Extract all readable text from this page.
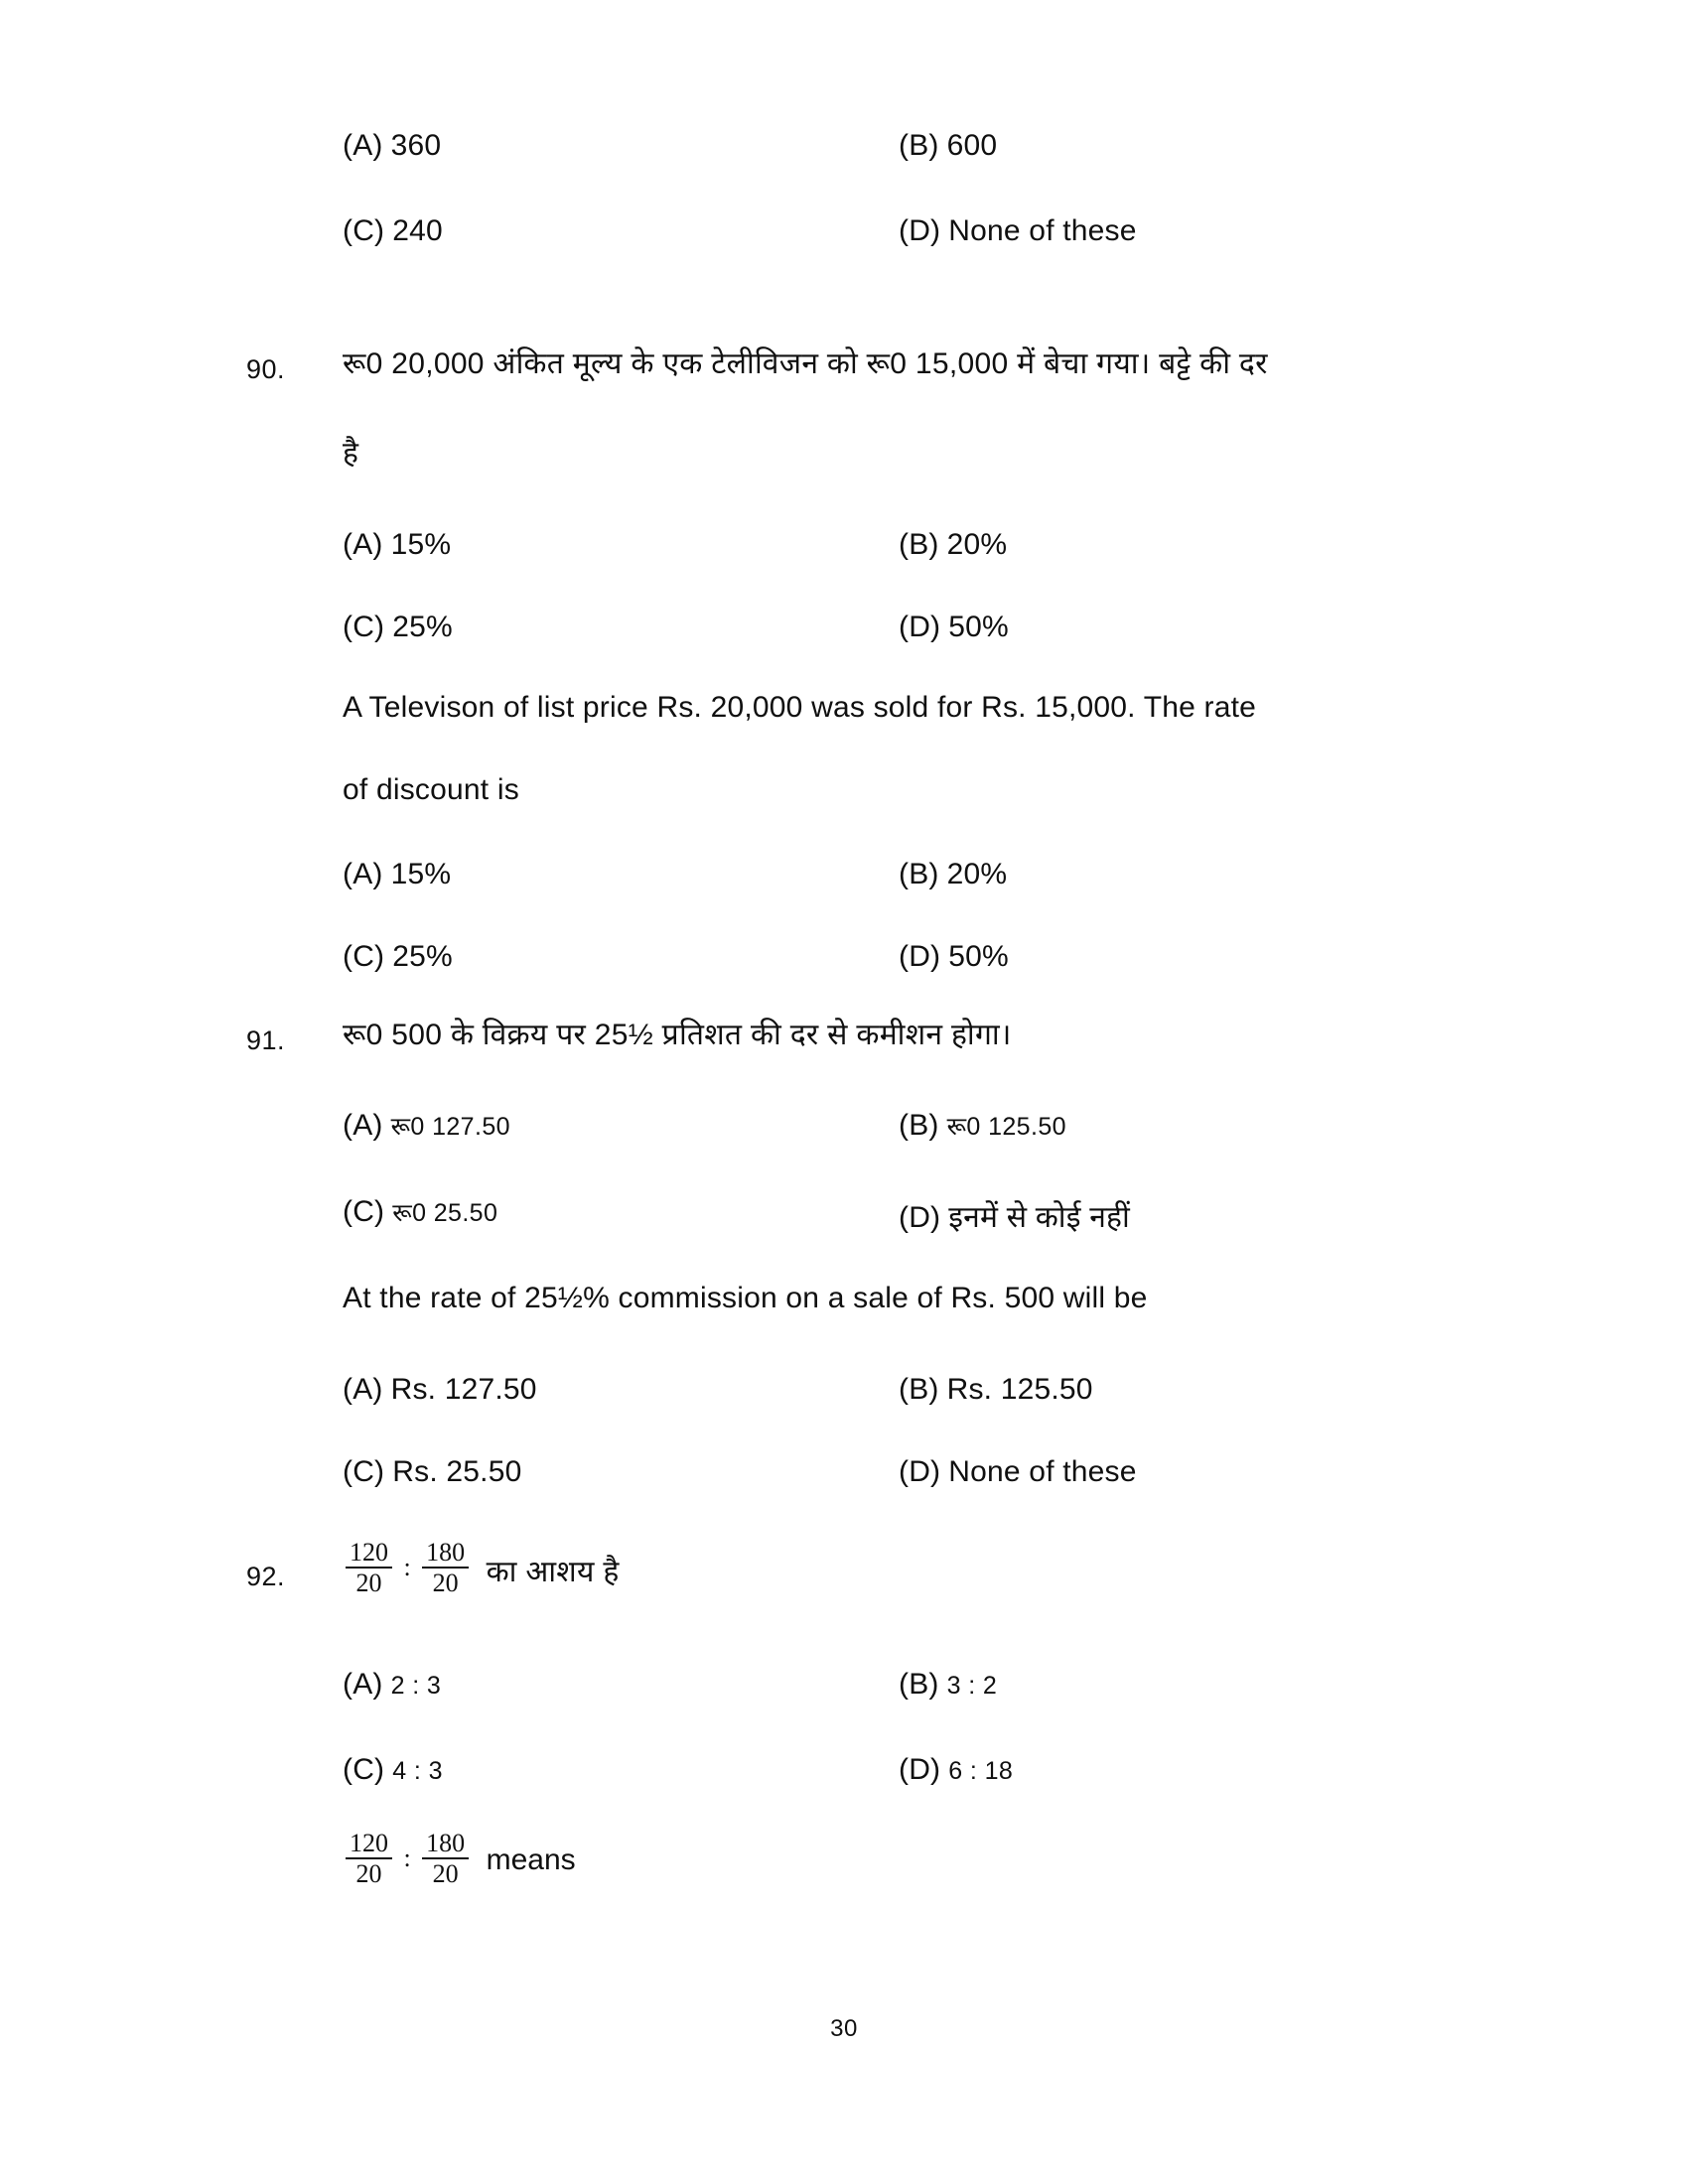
(A) 360	(B) 600
(C) 240	(D) None of these
90.	रू0 20,000 अंकित मूल्य के एक टेलीविजन को रू0 15,000 में बेचा गया। बट्टे की दर
है
(A) 15%	(B) 20%
(C) 25%	(D) 50%
A Televison of list price Rs. 20,000 was sold for Rs. 15,000. The rate
of discount is
(A) 15%	(B) 20%
(C) 25%	(D) 50%
91.	रू0 500 के विक्रय पर 25½ प्रतिशत की दर से कमीशन होगा।
(A) रू0 127.50	(B) रू0 125.50
(C) रू0 25.50	(D) इनमें से कोई नहीं
At the rate of 25½% commission on a sale of Rs. 500 will be
(A) Rs. 127.50	(B) Rs. 125.50
(C) Rs. 25.50	(D) None of these
92.	$\frac{120}{20}$ : $\frac{180}{20}$ का आशय है
(A) 2 : 3	(B) 3 : 2
(C) 4 : 3	(D) 6 : 18
$\frac{120}{20}$ : $\frac{180}{20}$ means
30
